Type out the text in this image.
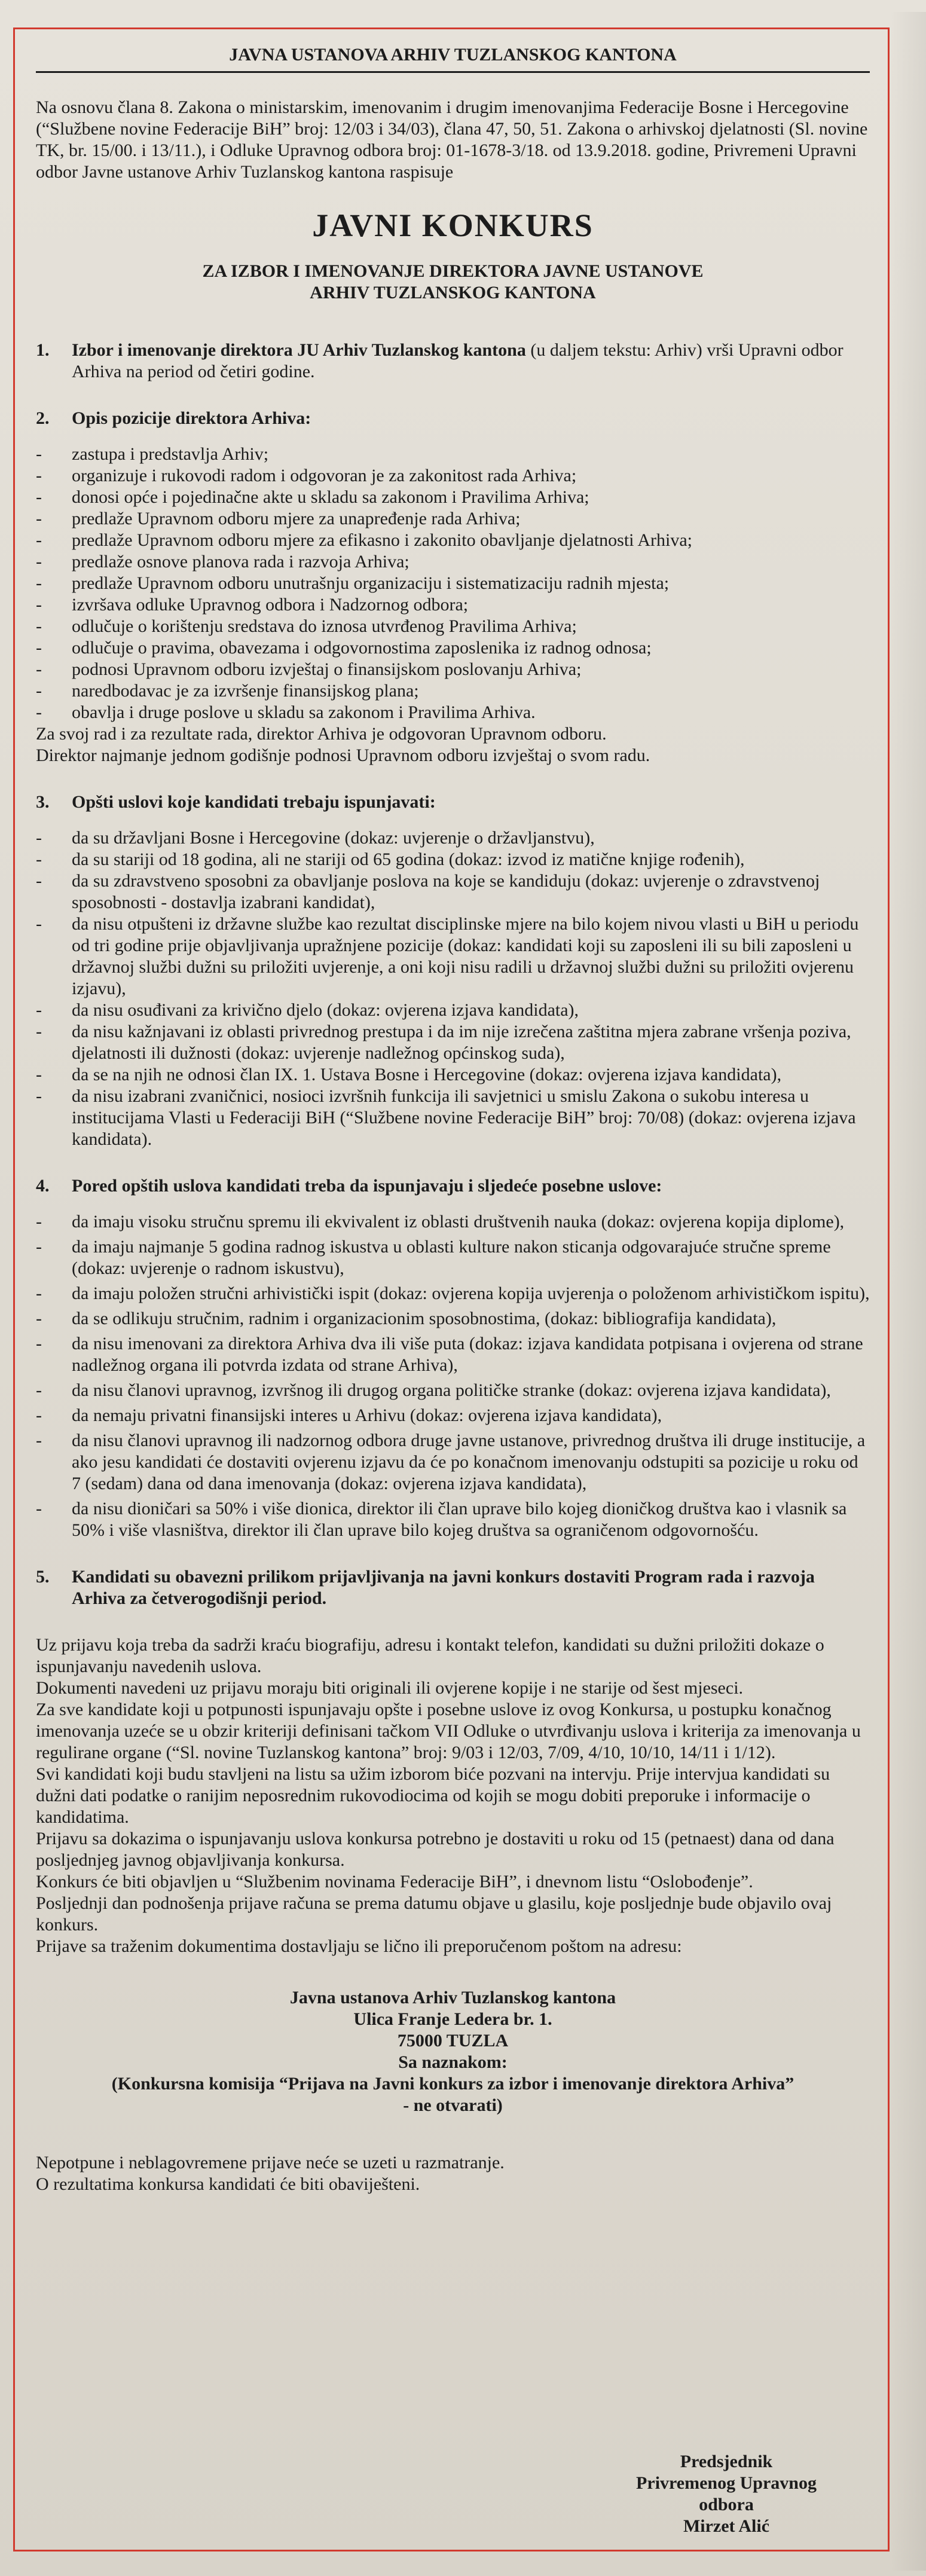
JAVNA USTANOVA ARHIV TUZLANSKOG KANTONA

Na osnovu člana 8. Zakona o ministarskim, imenovanim i drugim imenovanjima Federacije Bosne i Hercegovine (“Službene novine Federacije BiH” broj: 12/03 i 34/03), člana 47, 50, 51. Zakona o arhivskoj djelatnosti (Sl. novine TK, br. 15/00. i 13/11.), i Odluke Upravnog odbora broj: 01-1678-3/18. od 13.9.2018. godine, Privremeni Upravni odbor Javne ustanove Arhiv Tuzlanskog kantona raspisuje

JAVNI KONKURS
ZA IZBOR I IMENOVANJE DIREKTORA JAVNE USTANOVE
ARHIV TUZLANSKOG KANTONA
1.	Izbor i imenovanje direktora JU Arhiv Tuzlanskog kantona (u daljem tekstu: Arhiv) vrši Upravni odbor Arhiva na period od četiri godine.
2.	Opis pozicije direktora Arhiva:
- zastupa i predstavlja Arhiv;
- organizuje i rukovodi radom i odgovoran je za zakonitost rada Arhiva;
- donosi opće i pojedinačne akte u skladu sa zakonom i Pravilima Arhiva;
- predlaže Upravnom odboru mjere za unapređenje rada Arhiva;
- predlaže Upravnom odboru mjere za efikasno i zakonito obavljanje djelatnosti Arhiva;
- predlaže osnove planova rada i razvoja Arhiva;
- predlaže Upravnom odboru unutrašnju organizaciju i sistematizaciju radnih mjesta;
- izvršava odluke Upravnog odbora i Nadzornog odbora;
- odlučuje o korištenju sredstava do iznosa utvrđenog Pravilima Arhiva;
- odlučuje o pravima, obavezama i odgovornostima zaposlenika iz radnog odnosa;
- podnosi Upravnom odboru izvještaj o finansijskom poslovanju Arhiva;
- naredbodavac je za izvršenje finansijskog plana;
- obavlja i druge poslove u skladu sa zakonom i Pravilima Arhiva.
Za svoj rad i za rezultate rada, direktor Arhiva je odgovoran Upravnom odboru.
Direktor najmanje jednom godišnje podnosi Upravnom odboru izvještaj o svom radu.
3.	Opšti uslovi koje kandidati trebaju ispunjavati:
- da su državljani Bosne i Hercegovine (dokaz: uvjerenje o državljanstvu),
- da su stariji od 18 godina, ali ne stariji od 65 godina (dokaz: izvod iz matične knjige rođenih),
- da su zdravstveno sposobni za obavljanje poslova na koje se kandiduju (dokaz: uvjerenje o zdravstvenoj sposobnosti - dostavlja izabrani kandidat),
- da nisu otpušteni iz državne službe kao rezultat disciplinske mjere na bilo kojem nivou vlasti u BiH u periodu od tri godine prije objavljivanja upražnjene pozicije (dokaz: kandidati koji su zaposleni ili su bili zaposleni u državnoj službi dužni su priložiti uvjerenje, a oni koji nisu radili u državnoj službi dužni su priložiti ovjerenu izjavu),
- da nisu osuđivani za krivično djelo (dokaz: ovjerena izjava kandidata),
- da nisu kažnjavani iz oblasti privrednog prestupa i da im nije izrečena zaštitna mjera zabrane vršenja poziva, djelatnosti ili dužnosti (dokaz: uvjerenje nadležnog općinskog suda),
- da se na njih ne odnosi član IX. 1. Ustava Bosne i Hercegovine (dokaz: ovjerena izjava kandidata),
- da nisu izabrani zvaničnici, nosioci izvršnih funkcija ili savjetnici u smislu Zakona o sukobu interesa u institucijama Vlasti u Federaciji BiH (“Službene novine Federacije BiH” broj: 70/08) (dokaz: ovjerena izjava kandidata).
4.	Pored opštih uslova kandidati treba da ispunjavaju i sljedeće posebne uslove:
- da imaju visoku stručnu spremu ili ekvivalent iz oblasti društvenih nauka (dokaz: ovjerena kopija diplome),
- da imaju najmanje 5 godina radnog iskustva u oblasti kulture nakon sticanja odgovarajuće stručne spreme (dokaz: uvjerenje o radnom iskustvu),
- da imaju položen stručni arhivistički ispit (dokaz: ovjerena kopija uvjerenja o položenom arhivističkom ispitu),
- da se odlikuju stručnim, radnim i organizacionim sposobnostima, (dokaz: bibliografija kandidata),
- da nisu imenovani za direktora Arhiva dva ili više puta (dokaz: izjava kandidata potpisana i ovjerena od strane nadležnog organa ili potvrda izdata od strane Arhiva),
- da nisu članovi upravnog, izvršnog ili drugog organa političke stranke (dokaz: ovjerena izjava kandidata),
- da nemaju privatni finansijski interes u Arhivu (dokaz: ovjerena izjava kandidata),
- da nisu članovi upravnog ili nadzornog odbora druge javne ustanove, privrednog društva ili druge institucije, a ako jesu kandidati će dostaviti ovjerenu izjavu da će po konačnom imenovanju odstupiti sa pozicije u roku od 7 (sedam) dana od dana imenovanja (dokaz: ovjerena izjava kandidata),
- da nisu dioničari sa 50% i više dionica, direktor ili član uprave bilo kojeg dioničkog društva kao i vlasnik sa 50% i više vlasništva, direktor ili član uprave bilo kojeg društva sa ograničenom odgovornošću.
5.	Kandidati su obavezni prilikom prijavljivanja na javni konkurs dostaviti Program rada i razvoja Arhiva za četverogodišnji period.
Uz prijavu koja treba da sadrži kraću biografiju, adresu i kontakt telefon, kandidati su dužni priložiti dokaze o ispunjavanju navedenih uslova.
Dokumenti navedeni uz prijavu moraju biti originali ili ovjerene kopije i ne starije od šest mjeseci.
Za sve kandidate koji u potpunosti ispunjavaju opšte i posebne uslove iz ovog Konkursa, u postupku konačnog imenovanja uzeće se u obzir kriteriji definisani tačkom VII Odluke o utvrđivanju uslova i kriterija za imenovanja u regulirane organe (“Sl. novine Tuzlanskog kantona” broj: 9/03 i 12/03, 7/09, 4/10, 10/10, 14/11 i 1/12).
Svi kandidati koji budu stavljeni na listu sa užim izborom biće pozvani na intervju. Prije intervjua kandidati su dužni dati podatke o ranijim neposrednim rukovodiocima od kojih se mogu dobiti preporuke i informacije o kandidatima.
Prijavu sa dokazima o ispunjavanju uslova konkursa potrebno je dostaviti u roku od 15 (petnaest) dana od dana posljednjeg javnog objavljivanja konkursa.
Konkurs će biti objavljen u “Službenim novinama Federacije BiH”, i dnevnom listu “Oslobođenje”.
Posljednji dan podnošenja prijave računa se prema datumu objave u glasilu, koje posljednje bude objavilo ovaj konkurs.
Prijave sa traženim dokumentima dostavljaju se lično ili preporučenom poštom na adresu:
Javna ustanova Arhiv Tuzlanskog kantona
Ulica Franje Ledera br. 1.
75000 TUZLA
Sa naznakom:
(Konkursna komisija “Prijava na Javni konkurs za izbor i imenovanje direktora Arhiva”
- ne otvarati)
Nepotpune i neblagovremene prijave neće se uzeti u razmatranje.
O rezultatima konkursa kandidati će biti obaviješteni.
Predsjednik
Privremenog Upravnog odbora
Mirzet Alić
